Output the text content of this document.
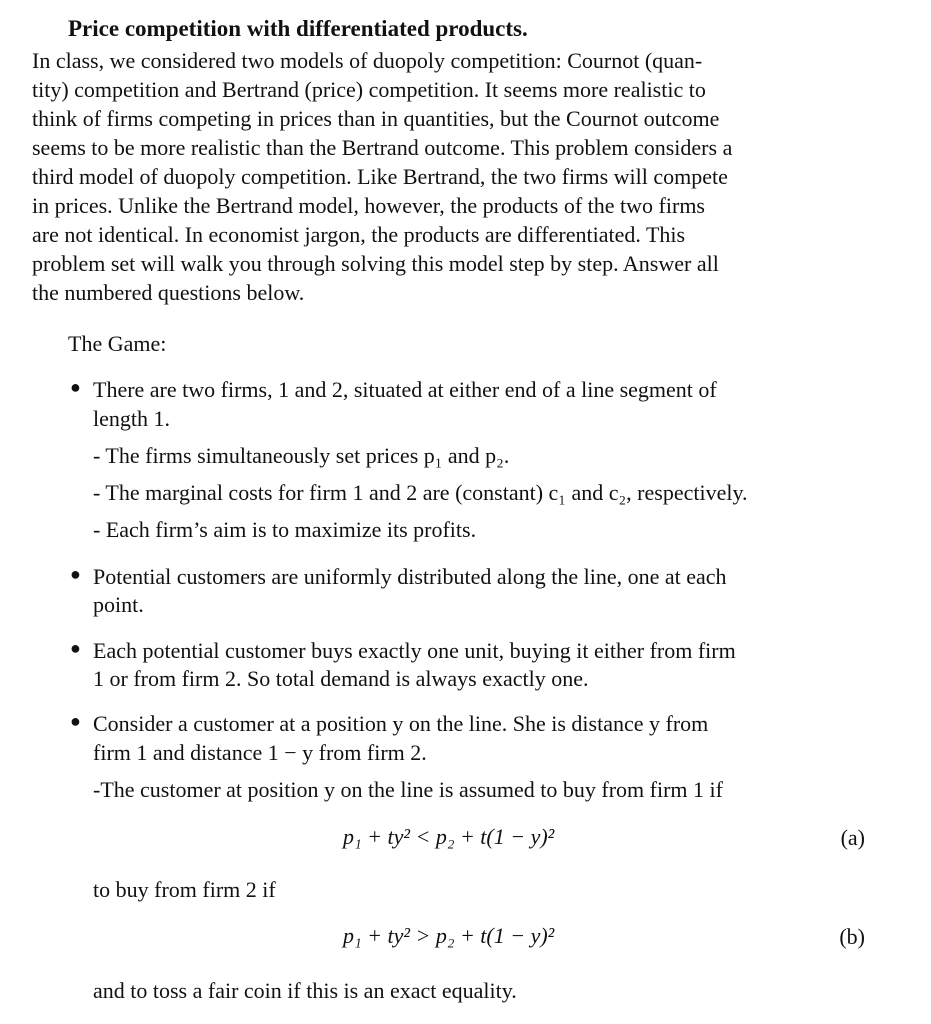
Price competition with differentiated products.
In class, we considered two models of duopoly competition: Cournot (quan-
tity) competition and Bertrand (price) competition. It seems more realistic to
think of firms competing in prices than in quantities, but the Cournot outcome
seems to be more realistic than the Bertrand outcome. This problem considers a
third model of duopoly competition. Like Bertrand, the two firms will compete
in prices. Unlike the Bertrand model, however, the products of the two firms
are not identical. In economist jargon, the products are differentiated. This
problem set will walk you through solving this model step by step. Answer all
the numbered questions below.
The Game:
● There are two firms, 1 and 2, situated at either end of a line segment of
length 1.
- The firms simultaneously set prices p₁ and p₂.
- The marginal costs for firm 1 and 2 are (constant) c₁ and c₂, respectively.
- Each firm’s aim is to maximize its profits.
● Potential customers are uniformly distributed along the line, one at each
point.
● Each potential customer buys exactly one unit, buying it either from firm
1 or from firm 2. So total demand is always exactly one.
● Consider a customer at a position y on the line. She is distance y from
firm 1 and distance 1 − y from firm 2.
-The customer at position y on the line is assumed to buy from firm 1 if
p₁ + ty² < p₂ + t(1 − y)²	(a)
to buy from firm 2 if
p₁ + ty² > p₂ + t(1 − y)²	(b)
and to toss a fair coin if this is an exact equality.
